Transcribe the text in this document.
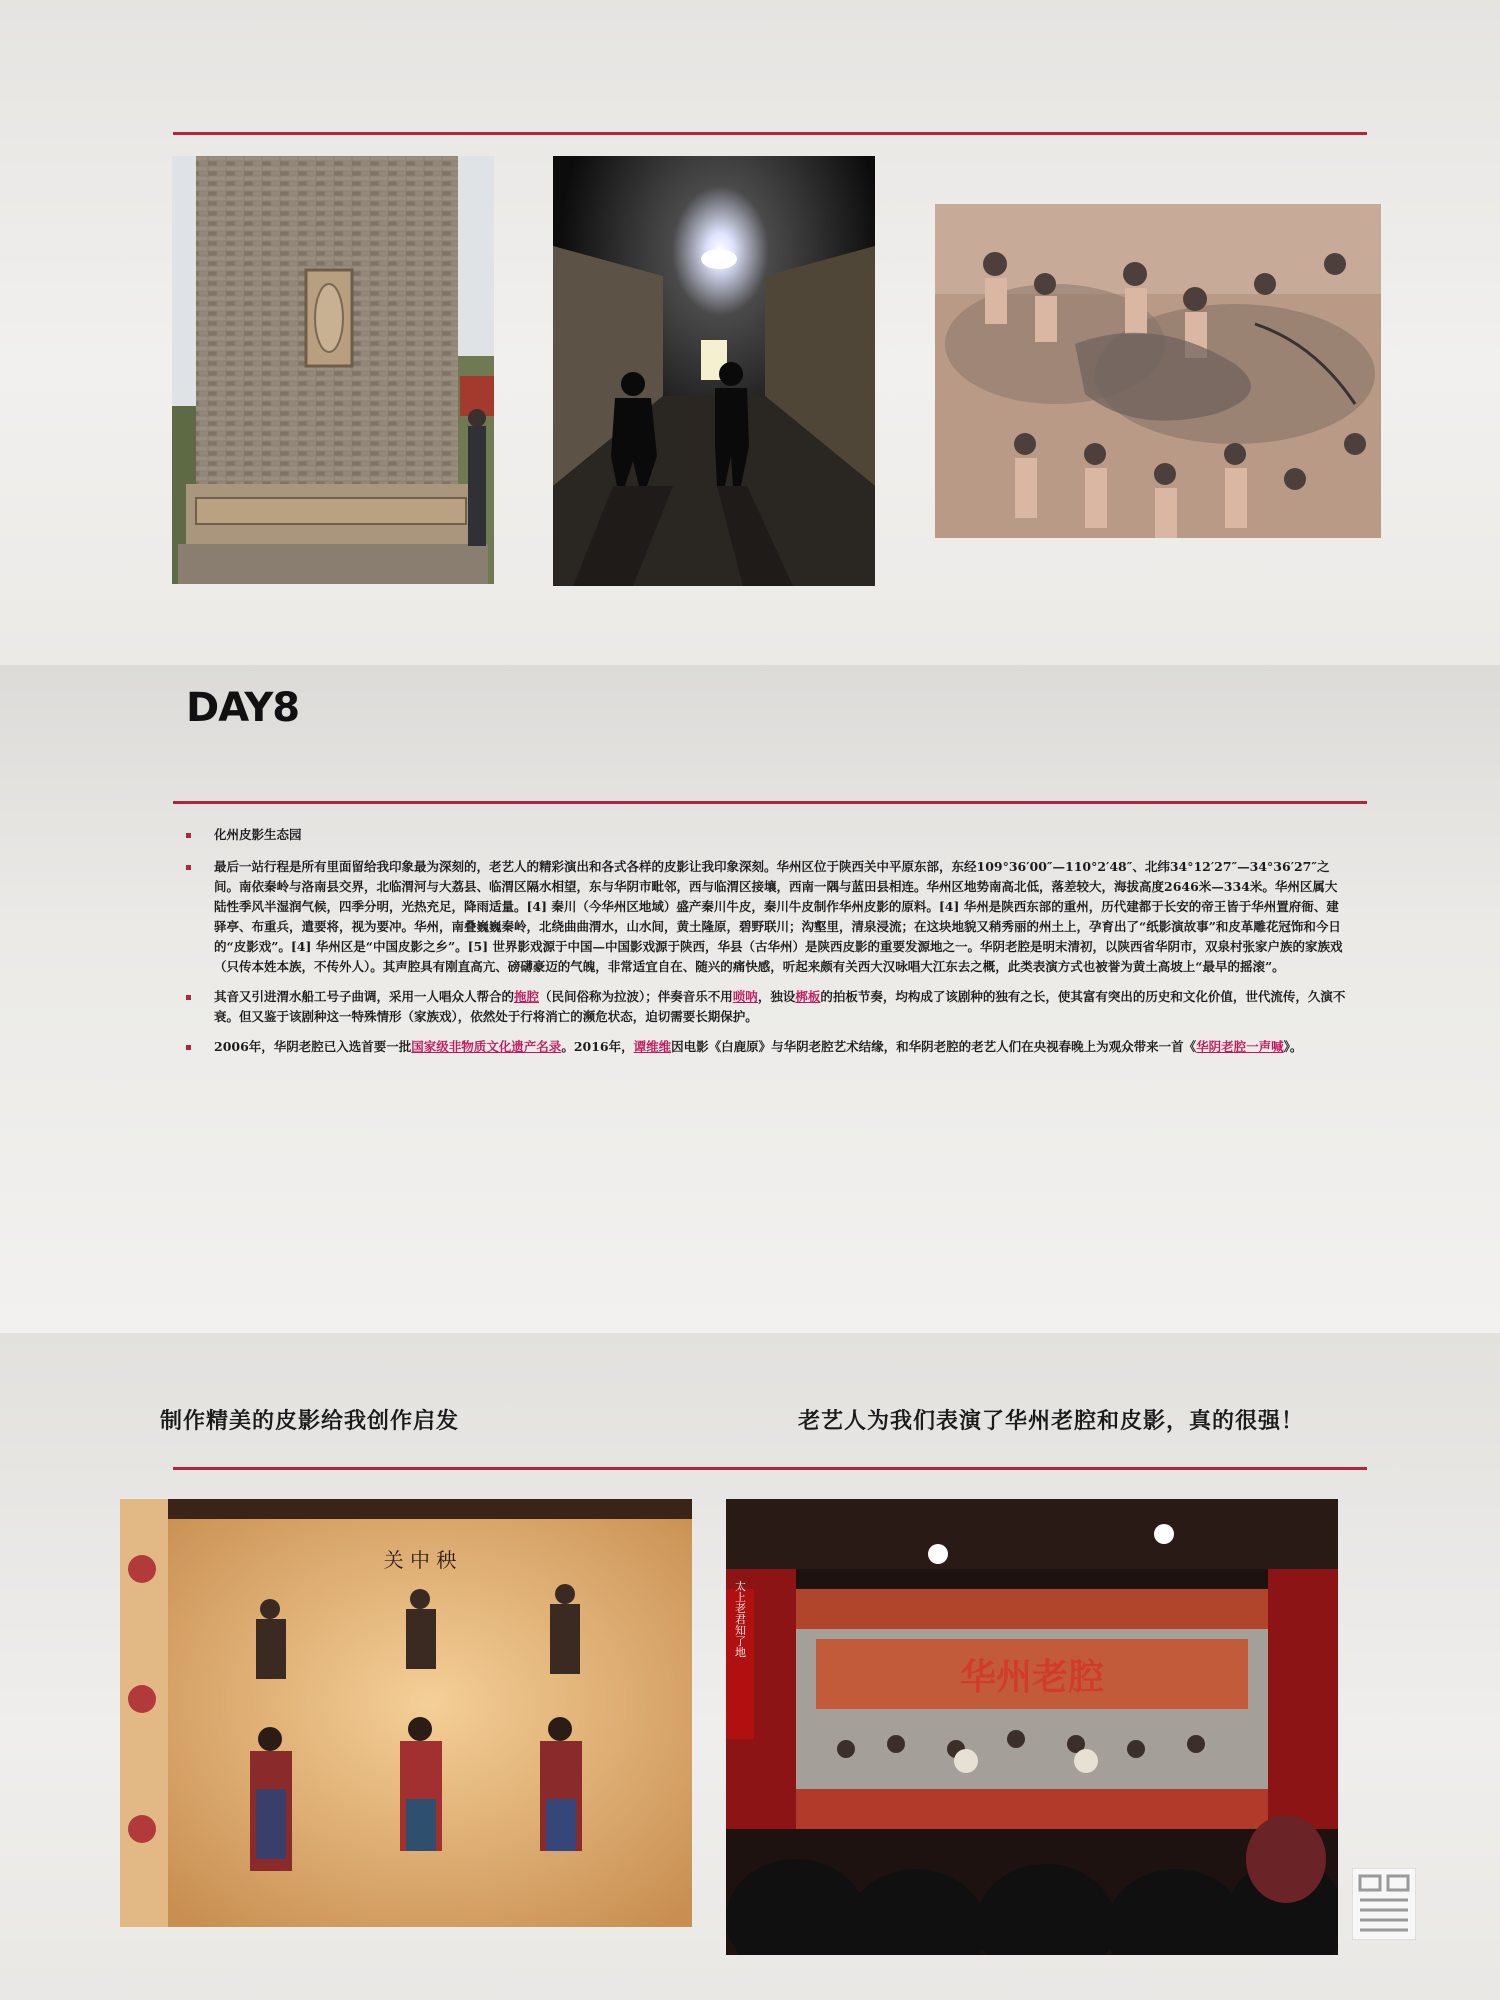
DAY8
化州皮影生态园
最后一站行程是所有里面留给我印象最为深刻的，老艺人的精彩演出和各式各样的皮影让我印象深刻。华州区位于陕西关中平原东部，东经109°36′00″—110°2′48″、北纬34°12′27″—34°36′27″之间。南依秦岭与洛南县交界，北临渭河与大荔县、临渭区隔水相望，东与华阴市毗邻，西与临渭区接壤，西南一隅与蓝田县相连。华州区地势南高北低，落差较大，海拔高度2646米—334米。华州区属大陆性季风半湿润气候，四季分明，光热充足，降雨适量。[4] 秦川（今华州区地域）盛产秦川牛皮，秦川牛皮制作华州皮影的原料。[4] 华州是陕西东部的重州，历代建都于长安的帝王皆于华州置府衙、建驿亭、布重兵，遣要将，视为要冲。华州，南叠巍巍秦岭，北绕曲曲渭水，山水间，黄土隆原，碧野联川；沟壑里，清泉浸流；在这块地貌又稍秀丽的州土上，孕育出了“纸影演故事”和皮革雕花冠饰和今日的“皮影戏”。[4] 华州区是“中国皮影之乡”。[5] 世界影戏源于中国—中国影戏源于陕西，华县（古华州）是陕西皮影的重要发源地之一。华阴老腔是明末清初，以陕西省华阴市，双泉村张家户族的家族戏（只传本姓本族，不传外人）。其声腔具有刚直高亢、磅礴豪迈的气魄，非常适宜自在、随兴的痛快感，听起来颇有关西大汉咏唱大江东去之概，此类表演方式也被誉为黄土高坡上“最早的摇滚”。
其音又引进渭水船工号子曲调，采用一人唱众人帮合的拖腔（民间俗称为拉波）；伴奏音乐不用唢呐，独设梆板的拍板节奏，均构成了该剧种的独有之长，使其富有突出的历史和文化价值，世代流传，久演不衰。但又鉴于该剧种这一特殊情形（家族戏），依然处于行将消亡的濒危状态，迫切需要长期保护。
2006年，华阴老腔已入选首要一批国家级非物质文化遗产名录。2016年，谭维维因电影《白鹿原》与华阴老腔艺术结缘，和华阴老腔的老艺人们在央视春晚上为观众带来一首《华阴老腔一声喊》。
制作精美的皮影给我创作启发	老艺人为我们表演了华州老腔和皮影，真的很强！
关 中 秧
华州老腔
太上老君知了地
